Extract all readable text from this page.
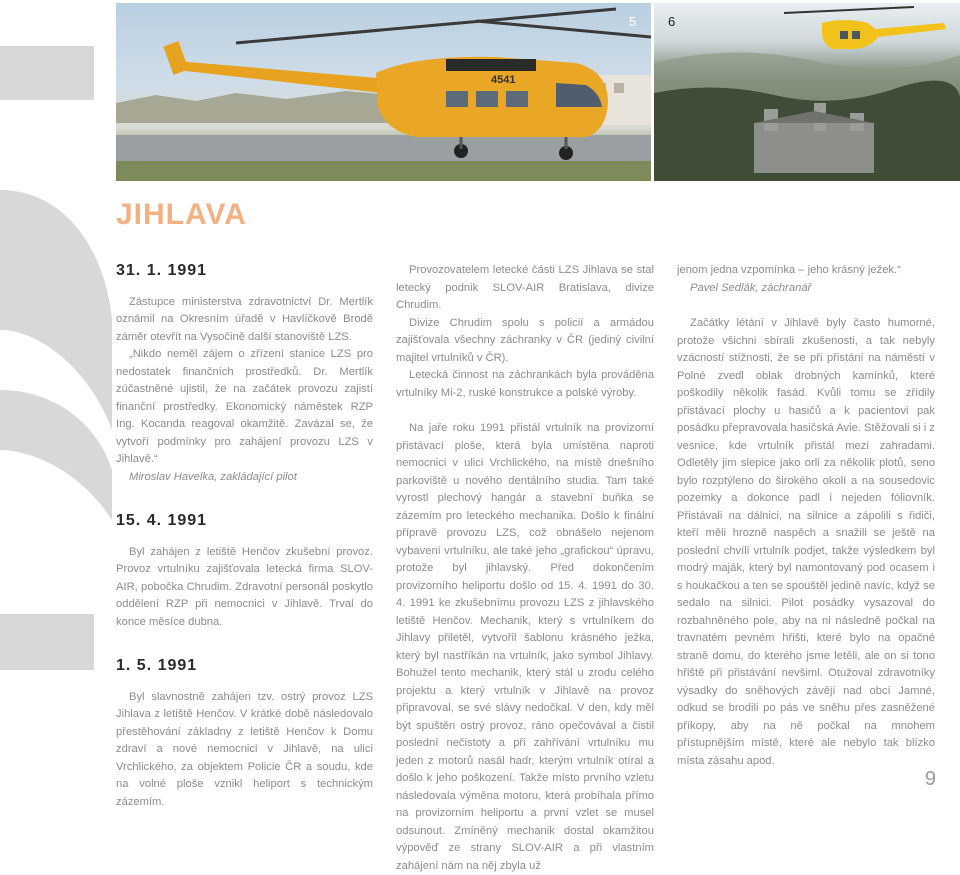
4541
5 6
JIHLAVA
31. 1. 1991

Zástupce ministerstva zdravotnictví Dr. Mertlík oznámil na Okresním úřadě v Havlíčkově Brodě záměr otevřít na Vysočině další stanoviště LZS.

„Nikdo neměl zájem o zřízení stanice LZS pro nedostatek finančních prostředků. Dr. Mertlík zúčastněné ujistil, že na začátek provozu zajistí finanční prostředky. Ekonomický náměstek RZP Ing. Kocanda reagoval okamžitě. Zavázal se, že vytvoří podmínky pro zahájení provozu LZS v Jihlavě.“

Miroslav Havelka, zakládající pilot

15. 4. 1991

Byl zahájen z letiště Henčov zkušební provoz. Provoz vrtulníku zajišťovala letecká firma SLOV-AIR, pobočka Chrudim. Zdravotní personál poskytlo oddělení RZP při nemocnici v Jihlavě. Trval do konce měsíce dubna.

1. 5. 1991

Byl slavnostně zahájen tzv. ostrý provoz LZS Jihlava z letiště Henčov. V krátké době následovalo přestěhování základny z letiště Henčov k Domu zdraví a nové nemocnici v Jihlavě, na ulici Vrchlického, za objektem Policie ČR a soudu, kde na volné ploše vznikl heliport s technickým zázemím.

Provozovatelem letecké části LZS Jihlava se stal letecký podnik SLOV-AIR Bratislava, divize Chrudim.

Divize Chrudim spolu s policií a armádou zajišťovala všechny záchranky v ČR (jediný civilní majitel vrtulníků v ČR).

Letecká činnost na záchrankách byla prováděna vrtulníky Mi-2, ruské konstrukce a polské výroby.

Na jaře roku 1991 přistál vrtulník na provizorní přistávací ploše, která byla umístěna naproti nemocnici v ulici Vrchlického, na místě dnešního parkoviště u nového dentálního studia. Tam také vyrostl plechový hangár a stavební buňka se zázemím pro leteckého mechanika. Došlo k finální přípravě provozu LZS, což obnášelo nejenom vybavení vrtulníku, ale také jeho „grafickou“ úpravu, protože byl jihlavský. Před dokončením provizorního heliportu došlo od 15. 4. 1991 do 30. 4. 1991 ke zkušebnímu provozu LZS z jihlavského letiště Henčov. Mechanik, který s vrtulníkem do Jihlavy přiletěl, vytvořil šablonu krásného ježka, který byl nastříkán na vrtulník, jako symbol Jihlavy. Bohužel tento mechanik, který stál u zrodu celého projektu a který vrtulník v Jihlavě na provoz připravoval, se své slávy nedočkal. V den, kdy měl být spuštěn ostrý provoz, ráno opečovával a čistil poslední nečistoty a při zahřívání vrtulníku mu jeden z motorů nasál hadr, kterým vrtulník otíral a došlo k jeho poškození. Takže místo prvního vzletu následovala výměna motoru, která probíhala přímo na provizorním heliportu a první vzlet se musel odsunout. Zmíněný mechanik dostal okamžitou výpověď ze strany SLOV-AIR a při vlastním zahájení nám na něj zbyla už

jenom jedna vzpomínka – jeho krásný ježek.“

Pavel Sedlák, záchranář

Začátky létání v Jihlavě byly často humorné, protože všichni sbírali zkušenosti, a tak nebyly vzácností stížnosti, že se při přistání na náměstí v Polné zvedl oblak drobných kamínků, které poškodily několik fasád. Kvůli tomu se zřídily přistávací plochy u hasičů a k pacientovi pak posádku přepravovala hasičská Avie. Stěžovali si i z vesnice, kde vrtulník přistál mezi zahradami. Odletěly jim slepice jako orli za několik plotů, seno bylo rozptýleno do širokého okolí a na sousedovic pozemky a dokonce padl i nejeden fóliovník. Přistávali na dálnici, na silnice a zápolili s řidiči, kteří měli hrozně naspěch a snažili se ještě na poslední chvíli vrtulník podjet, takže výsledkem byl modrý maják, který byl namontovaný pod ocasem i s houkačkou a ten se spouštěl jedině navíc, když se sedalo na silnici. Pilot posádky vysazoval do rozbahněného pole, aby na ni následně počkal na travnatém pevném hřišti, které bylo na opačné straně domu, do kterého jsme letěli, ale on si tono hřiště při přistávání nevšiml. Otužoval zdravotníky výsadky do sněhových závějí nad obcí Jamné, odkud se brodili po pás ve sněhu přes zasněžené příkopy, aby na ně počkal na mnohem přístupnějším místě, které ale nebylo tak blízko místa zásahu apod.

9
